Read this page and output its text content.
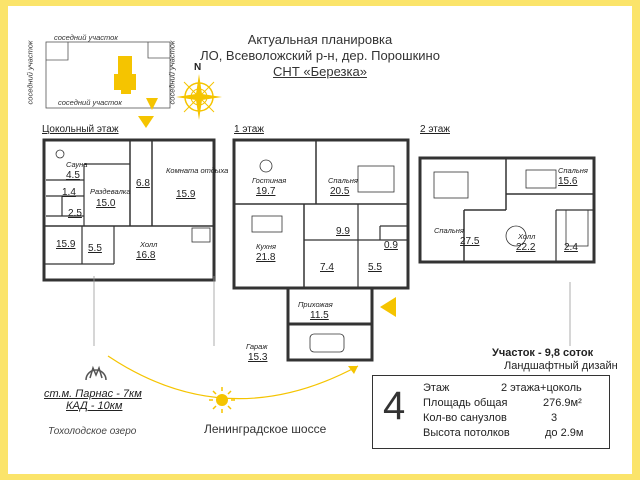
Актуальная планировка
ЛО, Всеволожский р-н, дер. Порошкино
СНТ «Березка»
соседний участок
соседний участок
соседний участок	соседний участок N
Цокольный этаж	1 этаж	2 этаж
Сауна
4.5
1.4 Раздевалка
15.0
2.5
6.8
Комната отдыха
15.9
15.9 5.5	Холл
16.8
Гостиная
19.7
Спальня
20.5
Кухня
21.8
9.9
0.9
7.4	5.5
Прихожая
11.5
Гараж
15.3
Спальня
15.6
Спальня
27.5	Холл
22.2	2.4
Участок - 9,8 соток
Ландшафтный дизайн
ст.м. Парнас - 7км
КАД - 10км
Тохолодское озеро	Ленинградское шоссе
4 Этаж	2 этажа+цоколь
Площадь общая	276.9м²
Кол-во санузлов	3
Высота потолков	до 2.9м
